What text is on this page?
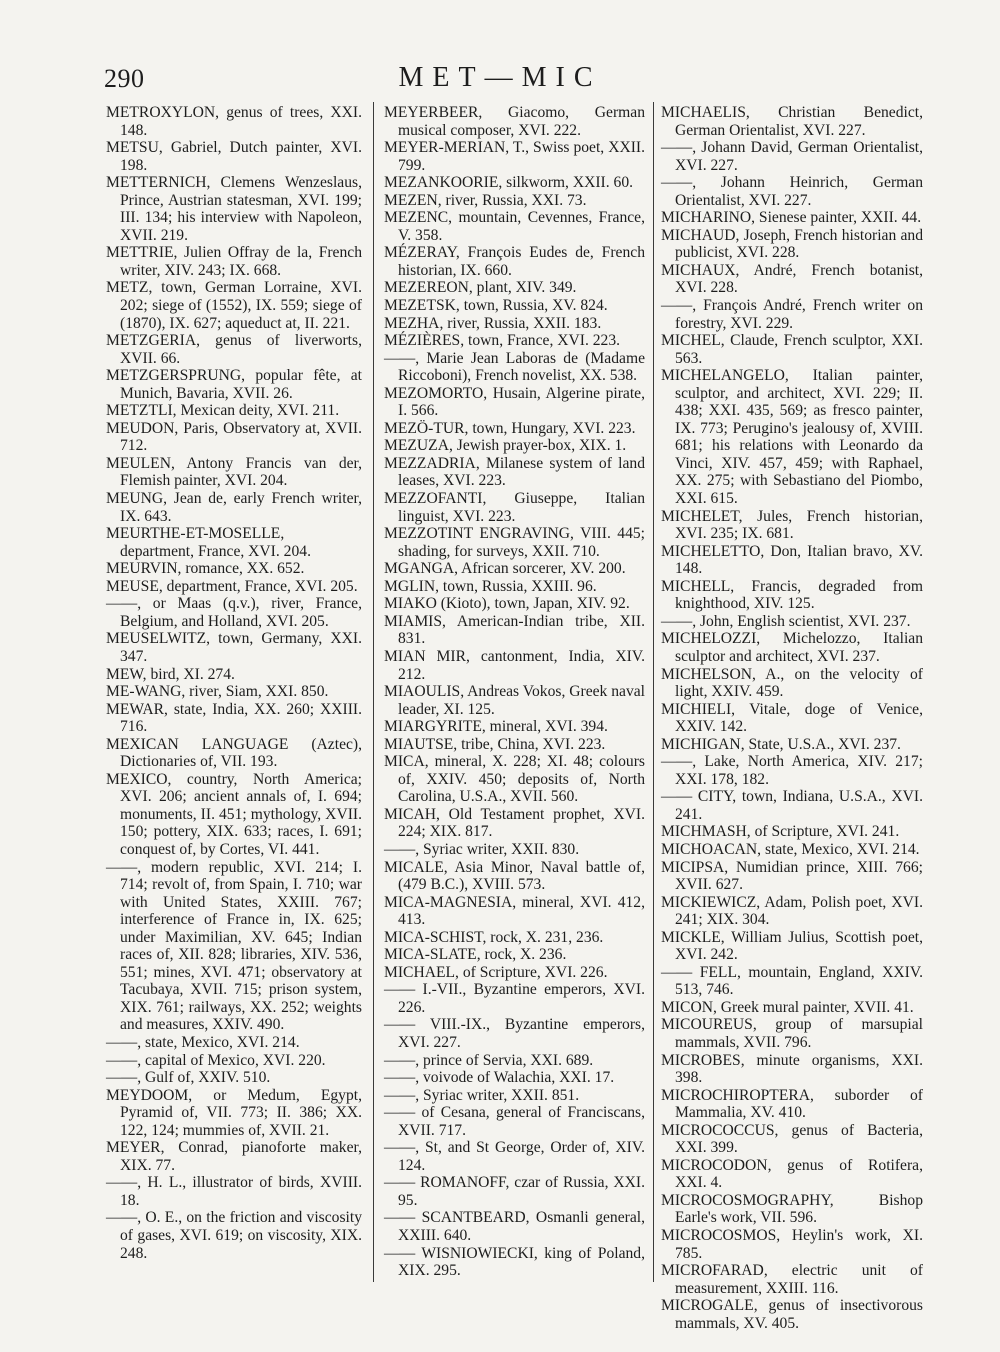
290	MET—MIC

METROXYLON, genus of trees, XXI. 148.

METSU, Gabriel, Dutch painter, XVI. 198.

METTERNICH, Clemens Wenzeslaus, Prince, Austrian statesman, XVI. 199; III. 134; his interview with Napoleon, XVII. 219.

METTRIE, Julien Offray de la, French writer, XIV. 243; IX. 668.

METZ, town, German Lorraine, XVI. 202; siege of (1552), IX. 559; siege of (1870), IX. 627; aqueduct at, II. 221.

METZGERIA, genus of liverworts, XVII. 66.

METZGERSPRUNG, popular fête, at Munich, Bavaria, XVII. 26.

METZTLI, Mexican deity, XVI. 211.

MEUDON, Paris, Observatory at, XVII. 712.

MEULEN, Antony Francis van der, Flemish painter, XVI. 204.

MEUNG, Jean de, early French writer, IX. 643.

MEURTHE-ET-MOSELLE, department, France, XVI. 204.

MEURVIN, romance, XX. 652.

MEUSE, department, France, XVI. 205.

——, or Maas (q.v.), river, France, Belgium, and Holland, XVI. 205.

MEUSELWITZ, town, Germany, XXI. 347.

MEW, bird, XI. 274.

ME-WANG, river, Siam, XXI. 850.

MEWAR, state, India, XX. 260; XXIII. 716.

MEXICAN LANGUAGE (Aztec), Dictionaries of, VII. 193.

MEXICO, country, North America; XVI. 206; ancient annals of, I. 694; monuments, II. 451; mythology, XVII. 150; pottery, XIX. 633; races, I. 691; conquest of, by Cortes, VI. 441.

——, modern republic, XVI. 214; I. 714; revolt of, from Spain, I. 710; war with United States, XXIII. 767; interference of France in, IX. 625; under Maximilian, XV. 645; Indian races of, XII. 828; libraries, XIV. 536, 551; mines, XVI. 471; observatory at Tacubaya, XVII. 715; prison system, XIX. 761; railways, XX. 252; weights and measures, XXIV. 490.

——, state, Mexico, XVI. 214.

——, capital of Mexico, XVI. 220.

——, Gulf of, XXIV. 510.

MEYDOOM, or Medum, Egypt, Pyramid of, VII. 773; II. 386; XX. 122, 124; mummies of, XVII. 21.

MEYER, Conrad, pianoforte maker, XIX. 77.

——, H. L., illustrator of birds, XVIII. 18.

——, O. E., on the friction and viscosity of gases, XVI. 619; on viscosity, XIX. 248.

MEYERBEER, Giacomo, German musical composer, XVI. 222.

MEYER-MERIAN, T., Swiss poet, XXII. 799.

MEZANKOORIE, silkworm, XXII. 60.

MEZEN, river, Russia, XXI. 73.

MEZENC, mountain, Cevennes, France, V. 358.

MÉZERAY, François Eudes de, French historian, IX. 660.

MEZEREON, plant, XIV. 349.

MEZETSK, town, Russia, XV. 824.

MEZHA, river, Russia, XXII. 183.

MÉZIÈRES, town, France, XVI. 223.

——, Marie Jean Laboras de (Madame Riccoboni), French novelist, XX. 538.

MEZOMORTO, Husain, Algerine pirate, I. 566.

MEZÖ-TUR, town, Hungary, XVI. 223.

MEZUZA, Jewish prayer-box, XIX. 1.

MEZZADRIA, Milanese system of land leases, XVI. 223.

MEZZOFANTI, Giuseppe, Italian linguist, XVI. 223.

MEZZOTINT ENGRAVING, VIII. 445; shading, for surveys, XXII. 710.

MGANGA, African sorcerer, XV. 200.

MGLIN, town, Russia, XXIII. 96.

MIAKO (Kioto), town, Japan, XIV. 92.

MIAMIS, American-Indian tribe, XII. 831.

MIAN MIR, cantonment, India, XIV. 212.

MIAOULIS, Andreas Vokos, Greek naval leader, XI. 125.

MIARGYRITE, mineral, XVI. 394.

MIAUTSE, tribe, China, XVI. 223.

MICA, mineral, X. 228; XI. 48; colours of, XXIV. 450; deposits of, North Carolina, U.S.A., XVII. 560.

MICAH, Old Testament prophet, XVI. 224; XIX. 817.

——, Syriac writer, XXII. 830.

MICALE, Asia Minor, Naval battle of, (479 B.C.), XVIII. 573.

MICA-MAGNESIA, mineral, XVI. 412, 413.

MICA-SCHIST, rock, X. 231, 236.

MICA-SLATE, rock, X. 236.

MICHAEL, of Scripture, XVI. 226.

—— I.-VII., Byzantine emperors, XVI. 226.

—— VIII.-IX., Byzantine emperors, XVI. 227.

——, prince of Servia, XXI. 689.

——, voivode of Walachia, XXI. 17.

——, Syriac writer, XXII. 851.

—— of Cesana, general of Franciscans, XVII. 717.

——, St, and St George, Order of, XIV. 124.

—— ROMANOFF, czar of Russia, XXI. 95.

—— SCANTBEARD, Osmanli general, XXIII. 640.

—— WISNIOWIECKI, king of Poland, XIX. 295.

MICHAELIS, Christian Benedict, German Orientalist, XVI. 227.

——, Johann David, German Orientalist, XVI. 227.

——, Johann Heinrich, German Orientalist, XVI. 227.

MICHARINO, Sienese painter, XXII. 44.

MICHAUD, Joseph, French historian and publicist, XVI. 228.

MICHAUX, André, French botanist, XVI. 228.

——, François André, French writer on forestry, XVI. 229.

MICHEL, Claude, French sculptor, XXI. 563.

MICHELANGELO, Italian painter, sculptor, and architect, XVI. 229; II. 438; XXI. 435, 569; as fresco painter, IX. 773; Perugino's jealousy of, XVIII. 681; his relations with Leonardo da Vinci, XIV. 457, 459; with Raphael, XX. 275; with Sebastiano del Piombo, XXI. 615.

MICHELET, Jules, French historian, XVI. 235; IX. 681.

MICHELETTO, Don, Italian bravo, XV. 148.

MICHELL, Francis, degraded from knighthood, XIV. 125.

——, John, English scientist, XVI. 237.

MICHELOZZI, Michelozzo, Italian sculptor and architect, XVI. 237.

MICHELSON, A., on the velocity of light, XXIV. 459.

MICHIELI, Vitale, doge of Venice, XXIV. 142.

MICHIGAN, State, U.S.A., XVI. 237.

——, Lake, North America, XIV. 217; XXI. 178, 182.

—— CITY, town, Indiana, U.S.A., XVI. 241.

MICHMASH, of Scripture, XVI. 241.

MICHOACAN, state, Mexico, XVI. 214.

MICIPSA, Numidian prince, XIII. 766; XVII. 627.

MICKIEWICZ, Adam, Polish poet, XVI. 241; XIX. 304.

MICKLE, William Julius, Scottish poet, XVI. 242.

—— FELL, mountain, England, XXIV. 513, 746.

MICON, Greek mural painter, XVII. 41.

MICOUREUS, group of marsupial mammals, XVII. 796.

MICROBES, minute organisms, XXI. 398.

MICROCHIROPTERA, suborder of Mammalia, XV. 410.

MICROCOCCUS, genus of Bacteria, XXI. 399.

MICROCODON, genus of Rotifera, XXI. 4.

MICROCOSMOGRAPHY, Bishop Earle's work, VII. 596.

MICROCOSMOS, Heylin's work, XI. 785.

MICROFARAD, electric unit of measurement, XXIII. 116.

MICROGALE, genus of insectivorous mammals, XV. 405.
